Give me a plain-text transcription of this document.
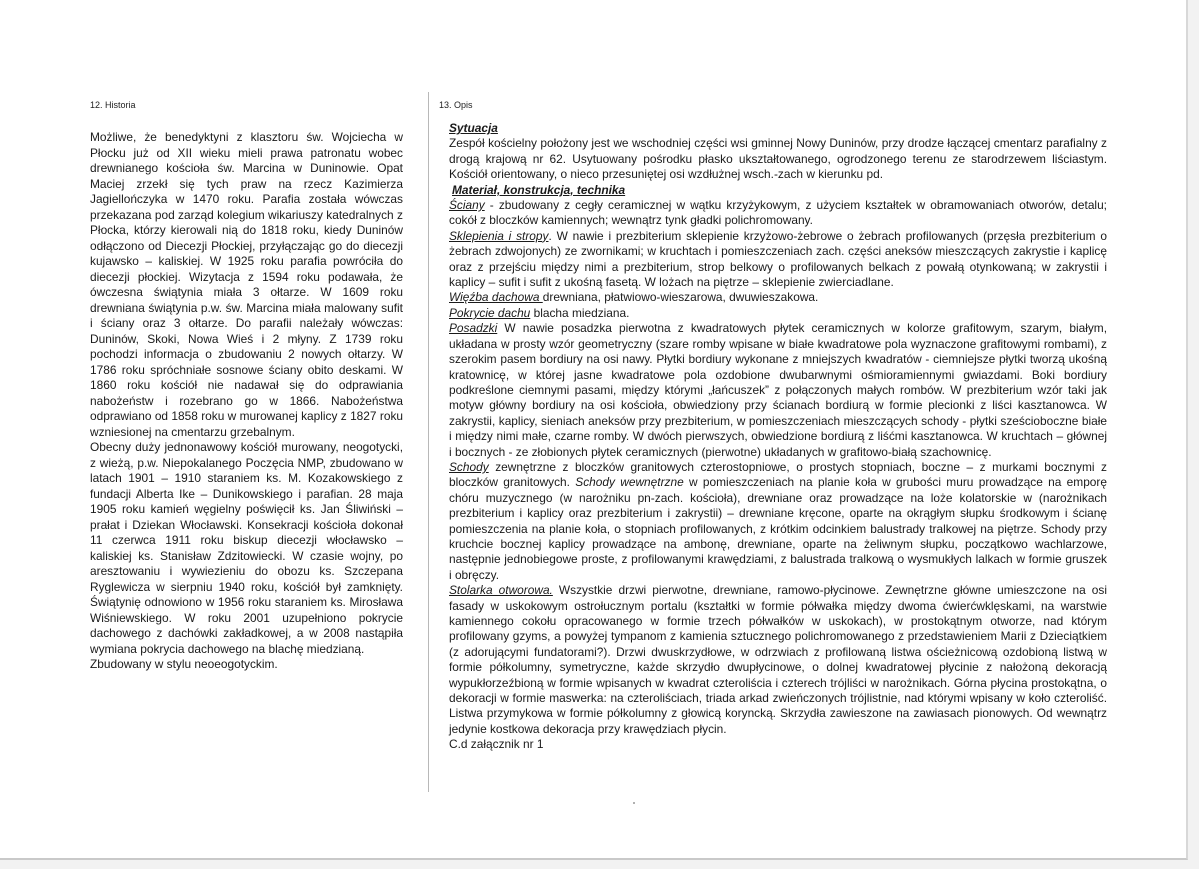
12. Historia	13. Opis

Możliwe, że benedyktyni z klasztoru św. Wojciecha w Płocku już od XII wieku mieli prawa patronatu wobec drewnianego kościoła św. Marcina w Duninowie. Opat Maciej zrzekł się tych praw na rzecz Kazimierza Jagiellończyka w 1470 roku. Parafia została wówczas przekazana pod zarząd kolegium wikariuszy katedralnych z Płocka, którzy kierowali nią do 1818 roku, kiedy Duninów odłączono od Diecezji Płockiej, przyłączając go do diecezji kujawsko – kaliskiej. W 1925 roku parafia powróciła do diecezji płockiej. Wizytacja z 1594 roku podawała, że ówczesna świątynia miała 3 ołtarze. W 1609 roku drewniana świątynia p.w. św. Marcina miała malowany sufit i ściany oraz 3 ołtarze. Do parafii należały wówczas: Duninów, Skoki, Nowa Wieś i 2 młyny. Z 1739 roku pochodzi informacja o zbudowaniu 2 nowych ołtarzy. W 1786 roku spróchniałe sosnowe ściany obito deskami. W 1860 roku kościół nie nadawał się do odprawiania nabożeństw i rozebrano go w 1866. Nabożeństwa odprawiano od 1858 roku w murowanej kaplicy z 1827 roku wzniesionej na cmentarzu grzebalnym.

Obecny duży jednonawowy kościół murowany, neogotycki, z wieżą, p.w. Niepokalanego Poczęcia NMP, zbudowano w latach 1901 – 1910 staraniem ks. M. Kozakowskiego z fundacji Alberta Ike – Dunikowskiego i parafian. 28 maja 1905 roku kamień węgielny poświęcił ks. Jan Śliwiński – prałat i Dziekan Włocławski. Konsekracji kościoła dokonał 11 czerwca 1911 roku biskup diecezji włocławsko – kaliskiej ks. Stanisław Zdzitowiecki. W czasie wojny, po aresztowaniu i wywiezieniu do obozu ks. Szczepana Ryglewicza w sierpniu 1940 roku, kościół był zamknięty. Świątynię odnowiono w 1956 roku staraniem ks. Mirosława Wiśniewskiego. W roku 2001 uzupełniono pokrycie dachowego z dachówki zakładkowej, a w 2008 nastąpiła wymiana pokrycia dachowego na blachę miedzianą.

Zbudowany w stylu neoeogotyckim.

Sytuacja

Zespół kościelny położony jest we wschodniej części wsi gminnej Nowy Duninów, przy drodze łączącej cmentarz parafialny z drogą krajową nr 62. Usytuowany pośrodku płasko ukształtowanego, ogrodzonego terenu ze starodrzewem liściastym. Kościół orientowany, o nieco przesuniętej osi wzdłużnej wsch.-zach w kierunku pd.

Materiał, konstrukcja, technika

Ściany - zbudowany z cegły ceramicznej w wątku krzyżykowym, z użyciem kształtek w obramowaniach otworów, detalu; cokół z bloczków kamiennych; wewnątrz tynk gładki polichromowany.

Sklepienia i stropy. W nawie i prezbiterium sklepienie krzyżowo-żebrowe o żebrach profilowanych (przęsła prezbiterium o żebrach zdwojonych) ze zwornikami; w kruchtach i pomieszczeniach zach. części aneksów mieszczących zakrystie i kaplicę oraz z przejściu między nimi a prezbiterium, strop belkowy o profilowanych belkach z powałą otynkowaną; w zakrystii i kaplicy – sufit i sufit z ukośną fasetą. W lożach na piętrze – sklepienie zwierciadlane.

Więźba dachowa drewniana, płatwiowo-wieszarowa, dwuwieszakowa.

Pokrycie dachu blacha miedziana.

Posadzki W nawie posadzka pierwotna z kwadratowych płytek ceramicznych w kolorze grafitowym, szarym, białym, układana w prosty wzór geometryczny (szare romby wpisane w białe kwadratowe pola wyznaczone grafitowymi rombami), z szerokim pasem bordiury na osi nawy. Płytki bordiury wykonane z mniejszych kwadratów - ciemniejsze płytki tworzą ukośną kratownicę, w której jasne kwadratowe pola ozdobione dwubarwnymi ośmioramiennymi gwiazdami. Boki bordiury podkreślone ciemnymi pasami, między którymi „łańcuszek” z połączonych małych rombów. W prezbiterium wzór taki jak motyw główny bordiury na osi kościoła, obwiedziony przy ścianach bordiurą w formie plecionki z liści kasztanowca. W zakrystii, kaplicy, sieniach aneksów przy prezbiterium, w pomieszczeniach mieszczących schody - płytki sześcioboczne białe i między nimi małe, czarne romby. W dwóch pierwszych, obwiedzione bordiurą z liśćmi kasztanowca. W kruchtach – głównej i bocznych - ze złobionych płytek ceramicznych (pierwotne) układanych w grafitowo-białą szachownicę.

Schody zewnętrzne z bloczków granitowych czterostopniowe, o prostych stopniach, boczne – z murkami bocznymi z bloczków granitowych. Schody wewnętrzne w pomieszczeniach na planie koła w grubości muru prowadzące na emporę chóru muzycznego (w narożniku pn-zach. kościoła), drewniane oraz prowadzące na loże kolatorskie w (narożnikach prezbiterium i kaplicy oraz prezbiterium i zakrystii) – drewniane kręcone, oparte na okrągłym słupku środkowym i ścianę pomieszczenia na planie koła, o stopniach profilowanych, z krótkim odcinkiem balustrady tralkowej na piętrze. Schody przy kruchcie bocznej kaplicy prowadzące na ambonę, drewniane, oparte na żeliwnym słupku, początkowo wachlarzowe, następnie jednobiegowe proste, z profilowanymi krawędziami, z balustrada tralkową o wysmukłych lalkach w formie gruszek i obręczy.

Stolarka otworowa. Wszystkie drzwi pierwotne, drewniane, ramowo-płycinowe. Zewnętrzne główne umieszczone na osi fasady w uskokowym ostrołucznym portalu (kształtki w formie półwałka między dwoma ćwierćwklęskami, na warstwie kamiennego cokołu opracowanego w formie trzech półwałków w uskokach), w prostokątnym otworze, nad którym profilowany gzyms, a powyżej tympanom z kamienia sztucznego polichromowanego z przedstawieniem Marii z Dzieciątkiem (z adorującymi fundatorami?). Drzwi dwuskrzydłowe, w odrzwiach z profilowaną listwa ościeżnicową ozdobioną listwą w formie półkolumny, symetryczne, każde skrzydło dwupłycinowe, o dolnej kwadratowej płycinie z nałożoną dekoracją wypukłorzeźbioną w formie wpisanych w kwadrat czteroliścia i czterech trójliści w narożnikach. Górna płycina prostokątna, o dekoracji w formie maswerka: na czteroliściach, triada arkad zwieńczonych trójlistnie, nad którymi wpisany w koło czteroliść. Listwa przymykowa w formie półkolumny z głowicą koryncką. Skrzydła zawieszone na zawiasach pionowych. Od wewnątrz jedynie kostkowa dekoracja przy krawędziach płycin.

C.d załącznik nr 1
